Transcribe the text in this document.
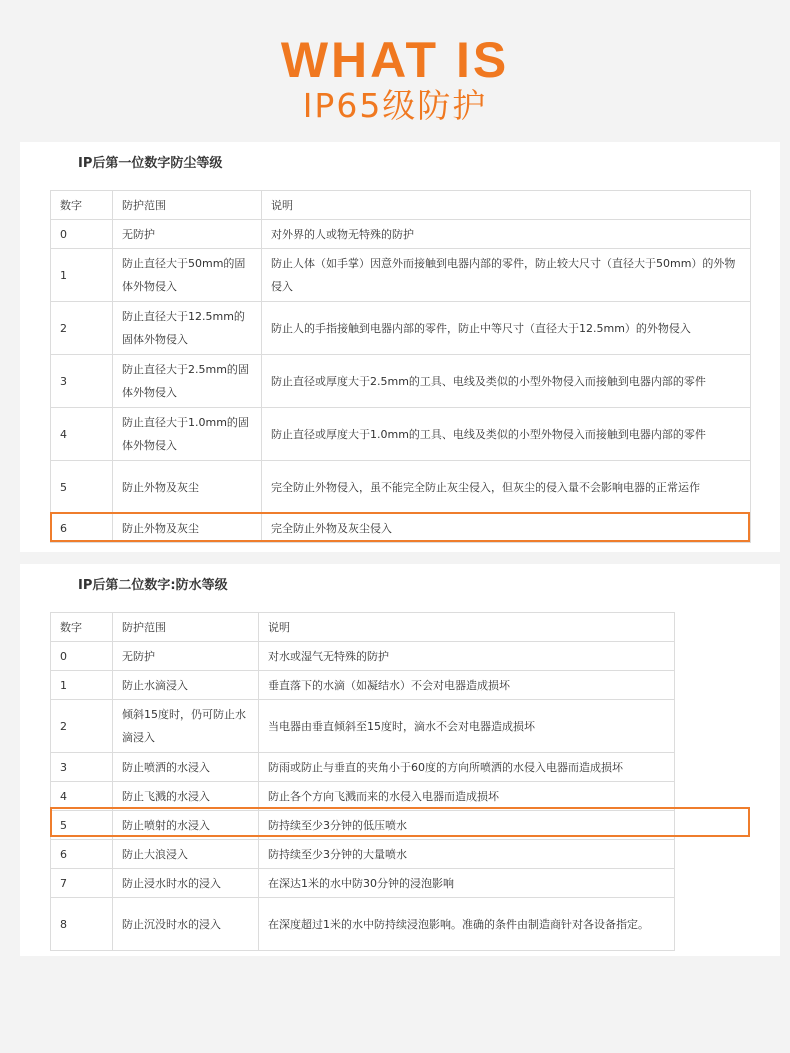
WHAT IS
IP65级防护
IP后第一位数字防尘等级
数字	防护范围	说明
0	无防护	对外界的人或物无特殊的防护
1	防止直径大于50mm的固体外物侵入	防止人体（如手掌）因意外而接触到电器内部的零件，防止较大尺寸（直径大于50mm）的外物侵入
2	防止直径大于12.5mm的固体外物侵入	防止人的手指接触到电器内部的零件，防止中等尺寸（直径大于12.5mm）的外物侵入
3	防止直径大于2.5mm的固体外物侵入	防止直径或厚度大于2.5mm的工具、电线及类似的小型外物侵入而接触到电器内部的零件
4	防止直径大于1.0mm的固体外物侵入	防止直径或厚度大于1.0mm的工具、电线及类似的小型外物侵入而接触到电器内部的零件
5	防止外物及灰尘	完全防止外物侵入，虽不能完全防止灰尘侵入，但灰尘的侵入量不会影响电器的正常运作
6	防止外物及灰尘	完全防止外物及灰尘侵入
IP后第二位数字:防水等级
数字	防护范围	说明
0	无防护	对水或湿气无特殊的防护
1	防止水滴浸入	垂直落下的水滴（如凝结水）不会对电器造成损坏
2	倾斜15度时，仍可防止水滴浸入	当电器由垂直倾斜至15度时，滴水不会对电器造成损坏
3	防止喷洒的水浸入	防雨或防止与垂直的夹角小于60度的方向所喷洒的水侵入电器而造成损坏
4	防止飞溅的水浸入	防止各个方向飞溅而来的水侵入电器而造成损坏
5	防止喷射的水浸入	防持续至少3分钟的低压喷水
6	防止大浪浸入	防持续至少3分钟的大量喷水
7	防止浸水时水的浸入	在深达1米的水中防30分钟的浸泡影响
8	防止沉没时水的浸入	在深度超过1米的水中防持续浸泡影响。准确的条件由制造商针对各设备指定。
